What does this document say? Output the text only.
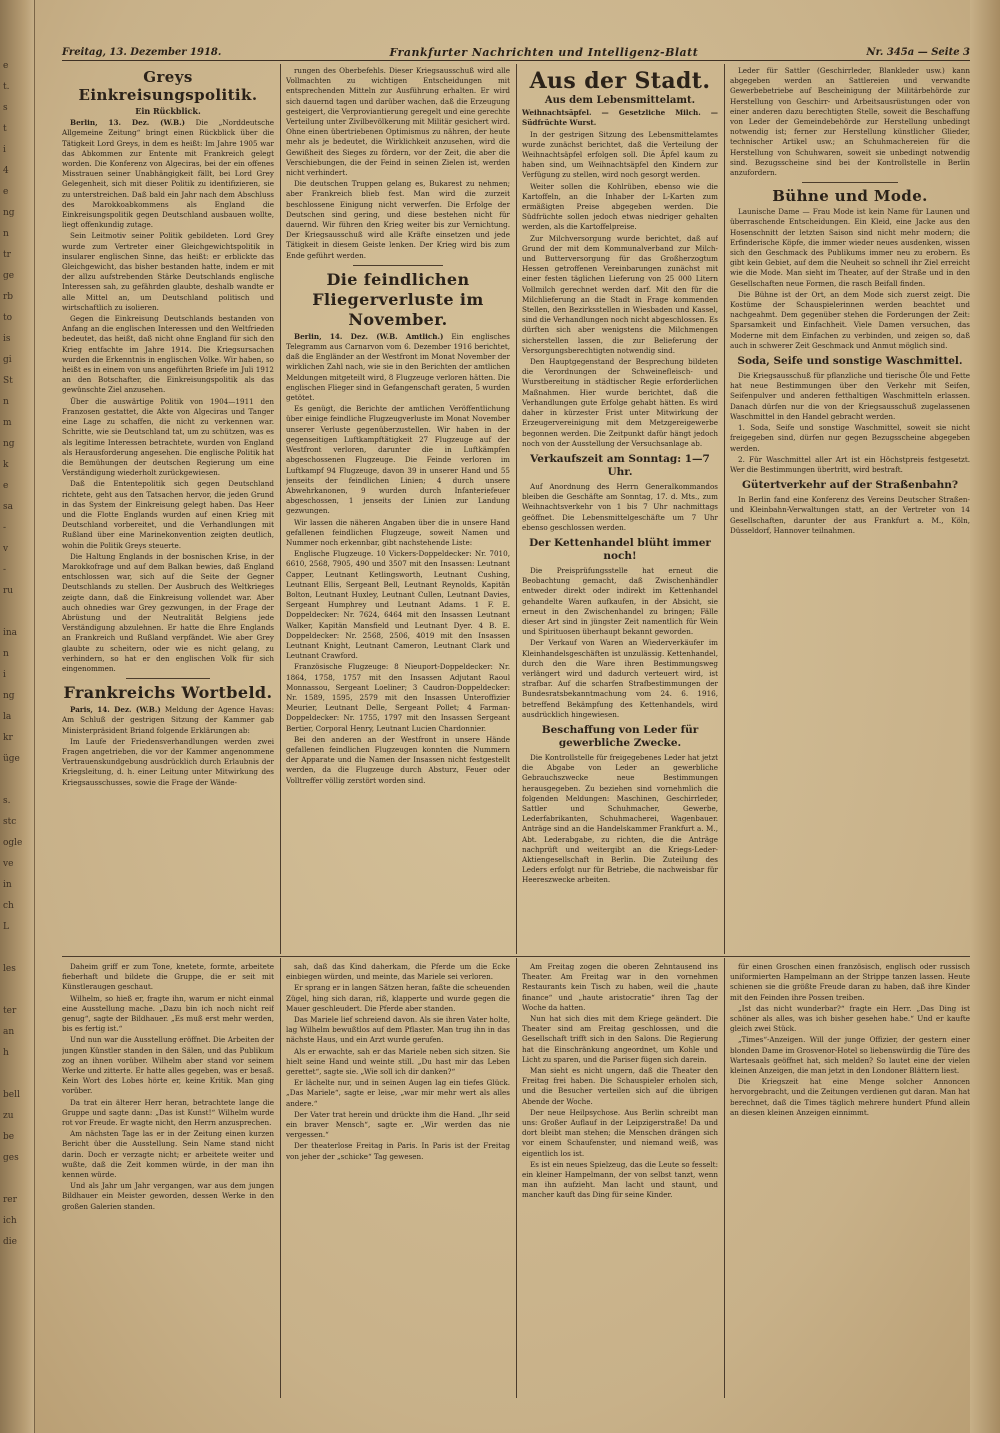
e
t.
s
t
i
4
e
ng
n
tr
ge
rb
to
is
gi
St
n
m
ng
k
e
sa
-
v
-
ru

ina
n
i
ng
la
kr
üge

s.
stc
ogle
ve
in
ch
L

les

ter
an
h

bell
zu
be
ges

rer
ich
die
Freitag, 13. Dezember 1918.	Frankfurter Nachrichten und Intelligenz-Blatt	Nr. 345a — Seite 3
Greys Einkreisungspolitik.
Ein Rückblick.

Berlin, 13. Dez. (W.B.) Die „Norddeutsche Allgemeine Zeitung“ bringt einen Rückblick über die Tätigkeit Lord Greys, in dem es heißt: Im Jahre 1905 war das Abkommen zur Entente mit Frankreich gelegt worden. Die Konferenz von Algeciras, bei der ein offenes Misstrauen seiner Unabhängigkeit fällt, bei Lord Grey Gelegenheit, sich mit dieser Politik zu identifizieren, sie zu unterstreichen. Daß bald ein Jahr nach dem Abschluss des Marokkoabkommens als England die Einkreisungspolitik gegen Deutschland ausbauen wollte, liegt offenkundig zutage.

Sein Leitmotiv seiner Politik gebildeten. Lord Grey wurde zum Vertreter einer Gleichgewichtspolitik in insularer englischen Sinne, das heißt: er erblickte das Gleichgewicht, das bisher bestanden hatte, indem er mit der allzu aufstrebenden Stärke Deutschlands englische Interessen sah, zu gefährden glaubte, deshalb wandte er alle Mittel an, um Deutschland politisch und wirtschaftlich zu isolieren.

Gegen die Einkreisung Deutschlands bestanden von Anfang an die englischen Interessen und den Weltfrieden bedeutet, das heißt, daß nicht ohne England für sich den Krieg entfachte im Jahre 1914. Die Kriegsursachen wurden die Erkenntnis in englischen Volke. Wir haben, so heißt es in einem von uns angeführten Briefe im Juli 1912 an den Botschafter, die Einkreisungspolitik als das gewünschte Ziel anzusehen.

Über die auswärtige Politik von 1904—1911 den Franzosen gestattet, die Akte von Algeciras und Tanger eine Lage zu schaffen, die nicht zu verkennen war. Schritte, wie sie Deutschland tat, um zu schützen, was es als legitime Interessen betrachtete, wurden von England als Herausforderung angesehen. Die englische Politik hat die Bemühungen der deutschen Regierung um eine Verständigung wiederholt zurückgewiesen.

Daß die Ententepolitik sich gegen Deutschland richtete, geht aus den Tatsachen hervor, die jeden Grund in das System der Einkreisung gelegt haben. Das Heer und die Flotte Englands wurden auf einen Krieg mit Deutschland vorbereitet, und die Verhandlungen mit Rußland über eine Marinekonvention zeigten deutlich, wohin die Politik Greys steuerte.

Die Haltung Englands in der bosnischen Krise, in der Marokkofrage und auf dem Balkan bewies, daß England entschlossen war, sich auf die Seite der Gegner Deutschlands zu stellen. Der Ausbruch des Weltkrieges zeigte dann, daß die Einkreisung vollendet war. Aber auch ohnedies war Grey gezwungen, in der Frage der Abrüstung und der Neutralität Belgiens jede Verständigung abzulehnen. Er hatte die Ehre Englands an Frankreich und Rußland verpfändet. Wie aber Grey glaubte zu scheitern, oder wie es nicht gelang, zu verhindern, so hat er den englischen Volk für sich eingenommen.

Frankreichs Wortbeld.

Paris, 14. Dez. (W.B.) Meldung der Agence Havas: Am Schluß der gestrigen Sitzung der Kammer gab Ministerpräsident Briand folgende Erklärungen ab:

Im Laufe der Friedensverhandlungen werden zwei Fragen angetrieben, die vor der Kammer angenommene Vertrauenskundgebung ausdrücklich durch Erlaubnis der Kriegsleitung, d. h. einer Leitung unter Mitwirkung des Kriegsausschusses, sowie die Frage der Wände-

rungen des Oberbefehls. Dieser Kriegsausschuß wird alle Vollmachten zu wichtigen Entscheidungen mit entsprechenden Mitteln zur Ausführung erhalten. Er wird sich dauernd tagen und darüber wachen, daß die Erzeugung gesteigert, die Verproviantierung geregelt und eine gerechte Verteilung unter Zivilbevölkerung mit Militär gesichert wird. Ohne einen übertriebenen Optimismus zu nähren, der heute mehr als je bedeutet, die Wirklichkeit anzusehen, wird die Gewißheit des Sieges zu fördern, vor der Zeit, die aber die Verschiebungen, die der Feind in seinen Zielen ist, werden nicht verhindert.

Die deutschen Truppen gelang es, Bukarest zu nehmen; aber Frankreich blieb fest. Man wird die zurzeit beschlossene Einigung nicht verwerfen. Die Erfolge der Deutschen sind gering, und diese bestehen nicht für dauernd. Wir führen den Krieg weiter bis zur Vernichtung. Der Kriegsausschuß wird alle Kräfte einsetzen und jede Tätigkeit in diesem Geiste lenken. Der Krieg wird bis zum Ende geführt werden.

Die feindlichen Fliegerverluste im November.

Berlin, 14. Dez. (W.B. Amtlich.) Ein englisches Telegramm aus Carnarvon vom 6. Dezember 1916 berichtet, daß die Engländer an der Westfront im Monat November der wirklichen Zahl nach, wie sie in den Berichten der amtlichen Meldungen mitgeteilt wird, 8 Flugzeuge verloren hätten. Die englischen Flieger sind in Gefangenschaft geraten, 5 wurden getötet.

Es genügt, die Berichte der amtlichen Veröffentlichung über einige feindliche Flugzeugverluste im Monat November unserer Verluste gegenüberzustellen. Wir haben in der gegenseitigen Luftkampftätigkeit 27 Flugzeuge auf der Westfront verloren, darunter die in Luftkämpfen abgeschossenen Flugzeuge. Die Feinde verloren im Luftkampf 94 Flugzeuge, davon 39 in unserer Hand und 55 jenseits der feindlichen Linien; 4 durch unsere Abwehrkanonen, 9 wurden durch Infanteriefeuer abgeschossen, 1 jenseits der Linien zur Landung gezwungen.

Wir lassen die näheren Angaben über die in unsere Hand gefallenen feindlichen Flugzeuge, soweit Namen und Nummer noch erkennbar, gibt nachstehende Liste:

Englische Flugzeuge. 10 Vickers-Doppeldecker: Nr. 7010, 6610, 2568, 7905, 490 und 3507 mit den Insassen: Leutnant Capper, Leutnant Ketlingsworth, Leutnant Cushing, Leutnant Ellis, Sergeant Bell, Leutnant Reynolds, Kapitän Bolton, Leutnant Huxley, Leutnant Cullen, Leutnant Davies, Sergeant Humphrey und Leutnant Adams. 1 F. E. Doppeldecker: Nr. 7624, 6464 mit den Insassen Leutnant Walker, Kapitän Mansfield und Leutnant Dyer. 4 B. E. Doppeldecker: Nr. 2568, 2506, 4019 mit den Insassen Leutnant Knight, Leutnant Cameron, Leutnant Clark und Leutnant Crawford.

Französische Flugzeuge: 8 Nieuport-Doppeldecker: Nr. 1864, 1758, 1757 mit den Insassen Adjutant Raoul Monnassou, Sergeant Loeliner; 3 Caudron-Doppeldecker: Nr. 1589, 1595, 2579 mit den Insassen Unteroffizier Meurier, Leutnant Delle, Sergeant Pollet; 4 Farman-Doppeldecker: Nr. 1755, 1797 mit den Insassen Sergeant Bertier, Corporal Henry, Leutnant Lucien Chardonnier.

Bei den anderen an der Westfront in unsere Hände gefallenen feindlichen Flugzeugen konnten die Nummern der Apparate und die Namen der Insassen nicht festgestellt werden, da die Flugzeuge durch Absturz, Feuer oder Volltreffer völlig zerstört worden sind.

Aus der Stadt.
Aus dem Lebensmittelamt.

Weihnachtsäpfel. — Gesetzliche Milch. — Südfrüchte Wurst.

In der gestrigen Sitzung des Lebensmittelamtes wurde zunächst berichtet, daß die Verteilung der Weihnachtsäpfel erfolgen soll. Die Äpfel kaum zu haben sind, um Weihnachtsäpfel den Kindern zur Verfügung zu stellen, wird noch gesorgt werden.

Weiter sollen die Kohlrüben, ebenso wie die Kartoffeln, an die Inhaber der L-Karten zum ermäßigten Preise abgegeben werden. Die Südfrüchte sollen jedoch etwas niedriger gehalten werden, als die Kartoffelpreise.

Zur Milchversorgung wurde berichtet, daß auf Grund der mit dem Kommunalverband zur Milch- und Butterversorgung für das Großherzogtum Hessen getroffenen Vereinbarungen zunächst mit einer festen täglichen Lieferung von 25 000 Litern Vollmilch gerechnet werden darf. Mit den für die Milchlieferung an die Stadt in Frage kommenden Stellen, den Bezirksstellen in Wiesbaden und Kassel, sind die Verhandlungen noch nicht abgeschlossen. Es dürften sich aber wenigstens die Milchmengen sicherstellen lassen, die zur Belieferung der Versorgungsberechtigten notwendig sind.

Den Hauptgegenstand der Besprechung bildeten die Verordnungen der Schweinefleisch- und Wurstbereitung in städtischer Regie erforderlichen Maßnahmen. Hier wurde berichtet, daß die Verhandlungen gute Erfolge gehabt hätten. Es wird daher in kürzester Frist unter Mitwirkung der Erzeugervereinigung mit dem Metzgereigewerbe begonnen werden. Die Zeitpunkt dafür hängt jedoch noch von der Ausstellung der Versuchsanlage ab.

Verkaufszeit am Sonntag: 1—7 Uhr.

Auf Anordnung des Herrn Generalkommandos bleiben die Geschäfte am Sonntag, 17. d. Mts., zum Weihnachtsverkehr von 1 bis 7 Uhr nachmittags geöffnet. Die Lebensmittelgeschäfte um 7 Uhr ebenso geschlossen werden.

Der Kettenhandel blüht immer noch!

Die Preisprüfungsstelle hat erneut die Beobachtung gemacht, daß Zwischenhändler entweder direkt oder indirekt im Kettenhandel gehandelte Waren aufkaufen, in der Absicht, sie erneut in den Zwischenhandel zu bringen; Fälle dieser Art sind in jüngster Zeit namentlich für Wein und Spirituosen überhaupt bekannt geworden.

Der Verkauf von Waren an Wiederverkäufer im Kleinhandelsgeschäften ist unzulässig. Kettenhandel, durch den die Ware ihren Bestimmungsweg verlängert wird und dadurch verteuert wird, ist strafbar. Auf die scharfen Strafbestimmungen der Bundesratsbekanntmachung vom 24. 6. 1916, betreffend Bekämpfung des Kettenhandels, wird ausdrücklich hingewiesen.

Beschaffung von Leder für gewerbliche Zwecke.

Die Kontrollstelle für freigegebenes Leder hat jetzt die Abgabe von Leder an gewerbliche Gebrauchszwecke neue Bestimmungen herausgegeben. Zu beziehen sind vornehmlich die folgenden Meldungen: Maschinen, Geschirrleder, Sattler und Schuhmacher, Gewerbe, Lederfabrikanten, Schuhmacherei, Wagenbauer. Anträge sind an die Handelskammer Frankfurt a. M., Abt. Lederabgabe, zu richten, die die Anträge nachprüft und weitergibt an die Kriegs-Leder-Aktiengesellschaft in Berlin. Die Zuteilung des Leders erfolgt nur für Betriebe, die nachweisbar für Heereszwecke arbeiten.

Leder für Sattler (Geschirrleder, Blankleder usw.) kann abgegeben werden an Sattlereien und verwandte Gewerbebetriebe auf Bescheinigung der Militärbehörde zur Herstellung von Geschirr- und Arbeitsausrüstungen oder von einer anderen dazu berechtigten Stelle, soweit die Beschaffung von Leder der Gemeindebehörde zur Herstellung unbedingt notwendig ist; ferner zur Herstellung künstlicher Glieder, technischer Artikel usw.; an Schuhmachereien für die Herstellung von Schuhwaren, soweit sie unbedingt notwendig sind. Bezugsscheine sind bei der Kontrollstelle in Berlin anzufordern.

Bühne und Mode.

Launische Dame — Frau Mode ist kein Name für Launen und überraschende Entscheidungen. Ein Kleid, eine Jacke aus den Hosenschnitt der letzten Saison sind nicht mehr modern; die Erfinderische Köpfe, die immer wieder neues ausdenken, wissen sich den Geschmack des Publikums immer neu zu erobern. Es gibt kein Gebiet, auf dem die Neuheit so schnell ihr Ziel erreicht wie die Mode. Man sieht im Theater, auf der Straße und in den Gesellschaften neue Formen, die rasch Beifall finden.

Die Bühne ist der Ort, an dem Mode sich zuerst zeigt. Die Kostüme der Schauspielerinnen werden beachtet und nachgeahmt. Dem gegenüber stehen die Forderungen der Zeit: Sparsamkeit und Einfachheit. Viele Damen versuchen, das Moderne mit dem Einfachen zu verbinden, und zeigen so, daß auch in schwerer Zeit Geschmack und Anmut möglich sind.

Soda, Seife und sonstige Waschmittel.

Die Kriegsausschuß für pflanzliche und tierische Öle und Fette hat neue Bestimmungen über den Verkehr mit Seifen, Seifenpulver und anderen fetthaltigen Waschmitteln erlassen. Danach dürfen nur die von der Kriegsausschuß zugelassenen Waschmittel in den Handel gebracht werden.

1. Soda, Seife und sonstige Waschmittel, soweit sie nicht freigegeben sind, dürfen nur gegen Bezugsscheine abgegeben werden.

2. Für Waschmittel aller Art ist ein Höchstpreis festgesetzt. Wer die Bestimmungen übertritt, wird bestraft.

Gütertverkehr auf der Straßenbahn?

In Berlin fand eine Konferenz des Vereins Deutscher Straßen- und Kleinbahn-Verwaltungen statt, an der Vertreter von 14 Gesellschaften, darunter der aus Frankfurt a. M., Köln, Düsseldorf, Hannover teilnahmen.

Daheim griff er zum Tone, knetete, formte, arbeitete fieberhaft und bildete die Gruppe, die er seit mit Künstleraugen geschaut.

Wilhelm, so hieß er, fragte ihn, warum er nicht einmal eine Ausstellung mache. „Dazu bin ich noch nicht reif genug“, sagte der Bildhauer. „Es muß erst mehr werden, bis es fertig ist.“

Und nun war die Ausstellung eröffnet. Die Arbeiten der jungen Künstler standen in den Sälen, und das Publikum zog an ihnen vorüber. Wilhelm aber stand vor seinem Werke und zitterte. Er hatte alles gegeben, was er besaß. Kein Wort des Lobes hörte er, keine Kritik. Man ging vorüber.

Da trat ein älterer Herr heran, betrachtete lange die Gruppe und sagte dann: „Das ist Kunst!“ Wilhelm wurde rot vor Freude. Er wagte nicht, den Herrn anzusprechen.

Am nächsten Tage las er in der Zeitung einen kurzen Bericht über die Ausstellung. Sein Name stand nicht darin. Doch er verzagte nicht; er arbeitete weiter und wußte, daß die Zeit kommen würde, in der man ihn kennen würde.

Und als Jahr um Jahr vergangen, war aus dem jungen Bildhauer ein Meister geworden, dessen Werke in den großen Galerien standen.

sah, daß das Kind daherkam, die Pferde um die Ecke einbiegen würden, und meinte, das Mariele sei verloren.

Er sprang er in langen Sätzen heran, faßte die scheuenden Zügel, hing sich daran, riß, klapperte und wurde gegen die Mauer geschleudert. Die Pferde aber standen.

Das Mariele lief schreiend davon. Als sie ihren Vater holte, lag Wilhelm bewußtlos auf dem Pflaster. Man trug ihn in das nächste Haus, und ein Arzt wurde gerufen.

Als er erwachte, sah er das Mariele neben sich sitzen. Sie hielt seine Hand und weinte still. „Du hast mir das Leben gerettet“, sagte sie. „Wie soll ich dir danken?“

Er lächelte nur, und in seinen Augen lag ein tiefes Glück. „Das Mariele“, sagte er leise, „war mir mehr wert als alles andere.“

Der Vater trat herein und drückte ihm die Hand. „Ihr seid ein braver Mensch“, sagte er. „Wir werden das nie vergessen.“

Der theaterlose Freitag in Paris. In Paris ist der Freitag von jeher der „schicke“ Tag gewesen.

Am Freitag zogen die oberen Zehntausend ins Theater. Am Freitag war in den vornehmen Restaurants kein Tisch zu haben, weil die „haute finance“ und „haute aristocratie“ ihren Tag der Woche da hatten.

Nun hat sich dies mit dem Kriege geändert. Die Theater sind am Freitag geschlossen, und die Gesellschaft trifft sich in den Salons. Die Regierung hat die Einschränkung angeordnet, um Kohle und Licht zu sparen, und die Pariser fügen sich darein.

Man sieht es nicht ungern, daß die Theater den Freitag frei haben. Die Schauspieler erholen sich, und die Besucher verteilen sich auf die übrigen Abende der Woche.

Der neue Heilpsychose. Aus Berlin schreibt man uns: Großer Auflauf in der Leipzigerstraße! Da und dort bleibt man stehen; die Menschen drängen sich vor einem Schaufenster, und niemand weiß, was eigentlich los ist.

Es ist ein neues Spielzeug, das die Leute so fesselt: ein kleiner Hampelmann, der von selbst tanzt, wenn man ihn aufzieht. Man lacht und staunt, und mancher kauft das Ding für seine Kinder.

für einen Groschen einen französisch, englisch oder russisch uniformierten Hampelmann an der Strippe tanzen lassen. Heute schienen sie die größte Freude daran zu haben, daß ihre Kinder mit den Feinden ihre Possen treiben.

„Ist das nicht wunderbar?“ fragte ein Herr. „Das Ding ist schöner als alles, was ich bisher gesehen habe.“ Und er kaufte gleich zwei Stück.

„Times“-Anzeigen. Will der junge Offizier, der gestern einer blonden Dame im Grosvenor-Hotel so liebenswürdig die Türe des Wartesaals geöffnet hat, sich melden? So lautet eine der vielen kleinen Anzeigen, die man jetzt in den Londoner Blättern liest.

Die Kriegszeit hat eine Menge solcher Annoncen hervorgebracht, und die Zeitungen verdienen gut daran. Man hat berechnet, daß die Times täglich mehrere hundert Pfund allein an diesen kleinen Anzeigen einnimmt.
